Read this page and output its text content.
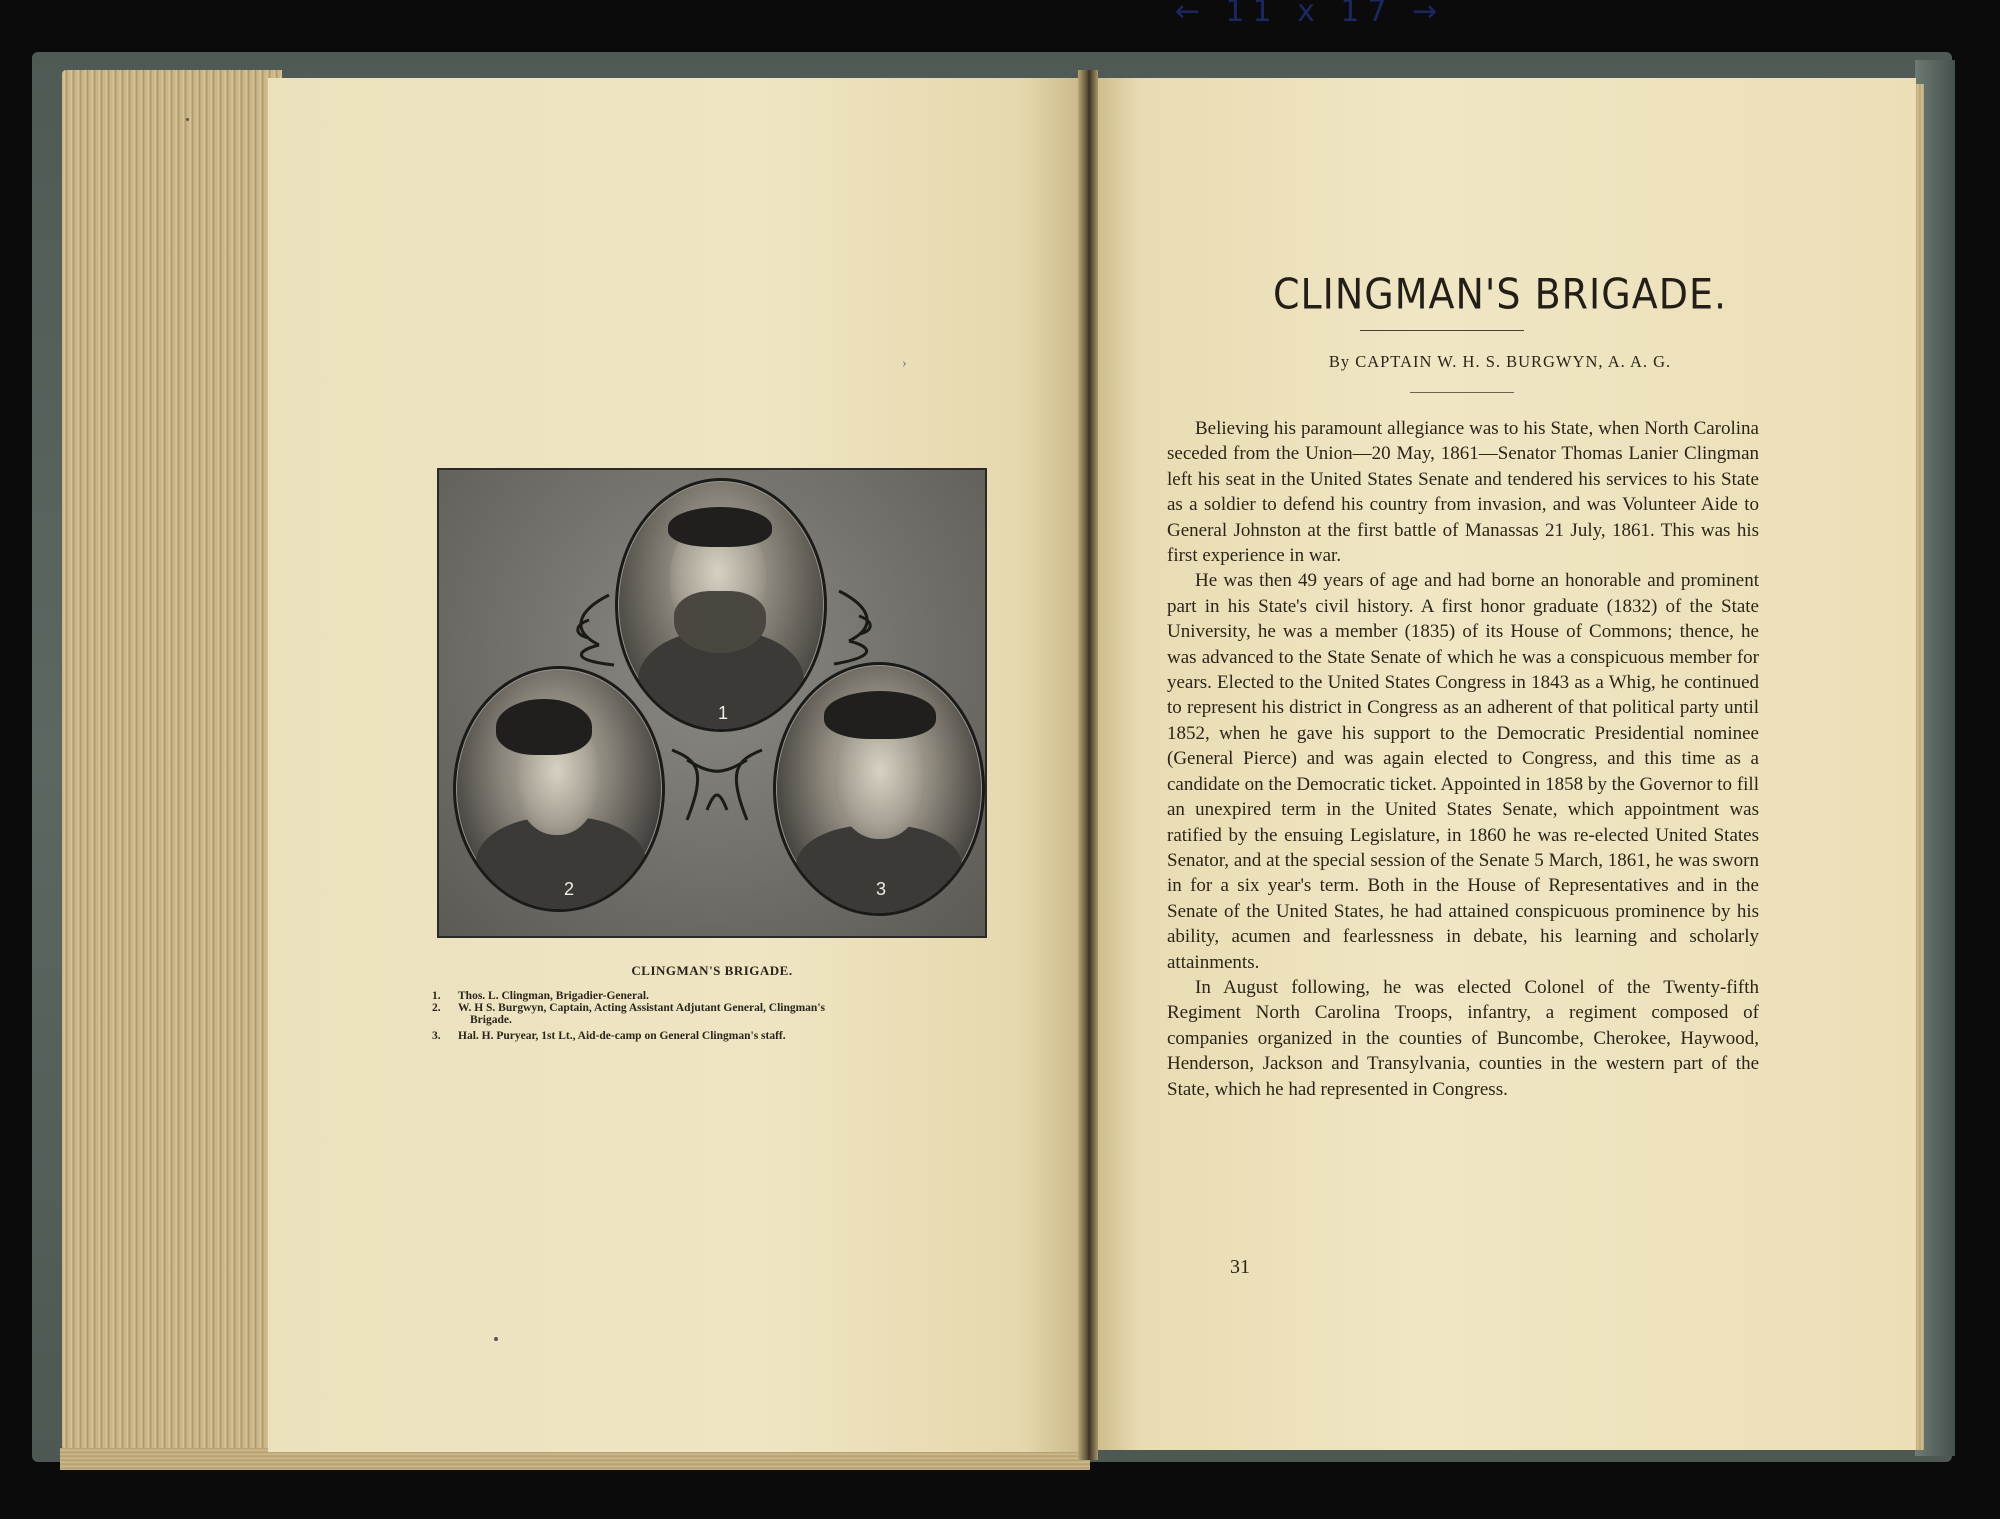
← 11 x 17 →
›
1
2	3
CLINGMAN'S BRIGADE.
1. Thos. L. Clingman, Brigadier-General.
2. W. H S. Burgwyn, Captain, Acting Assistant Adjutant General, Clingman's
Brigade.
3. Hal. H. Puryear, 1st Lt., Aid-de-camp on General Clingman's staff.
CLINGMAN'S BRIGADE.
By CAPTAIN W. H. S. BURGWYN, A. A. G.

Believing his paramount allegiance was to his State, when North Carolina seceded from the Union—20 May, 1861—Senator Thomas Lanier Clingman left his seat in the United States Senate and tendered his services to his State as a soldier to defend his country from invasion, and was Volunteer Aide to General Johnston at the first battle of Manassas 21 July, 1861. This was his first experience in war.

He was then 49 years of age and had borne an honorable and prominent part in his State's civil history. A first honor graduate (1832) of the State University, he was a member (1835) of its House of Commons; thence, he was advanced to the State Senate of which he was a conspicuous member for years. Elected to the United States Congress in 1843 as a Whig, he continued to represent his district in Congress as an adherent of that political party until 1852, when he gave his support to the Democratic Presidential nominee (General Pierce) and was again elected to Congress, and this time as a candidate on the Democratic ticket. Appointed in 1858 by the Governor to fill an unexpired term in the United States Senate, which appointment was ratified by the ensuing Legislature, in 1860 he was re-elected United States Senator, and at the special session of the Senate 5 March, 1861, he was sworn in for a six year's term. Both in the House of Representatives and in the Senate of the United States, he had attained conspicuous prominence by his ability, acumen and fearlessness in debate, his learning and scholarly attainments.

In August following, he was elected Colonel of the Twenty-fifth Regiment North Carolina Troops, infantry, a regiment composed of companies organized in the counties of Buncombe, Cherokee, Haywood, Henderson, Jackson and Transylvania, counties in the western part of the State, which he had represented in Congress.

31
